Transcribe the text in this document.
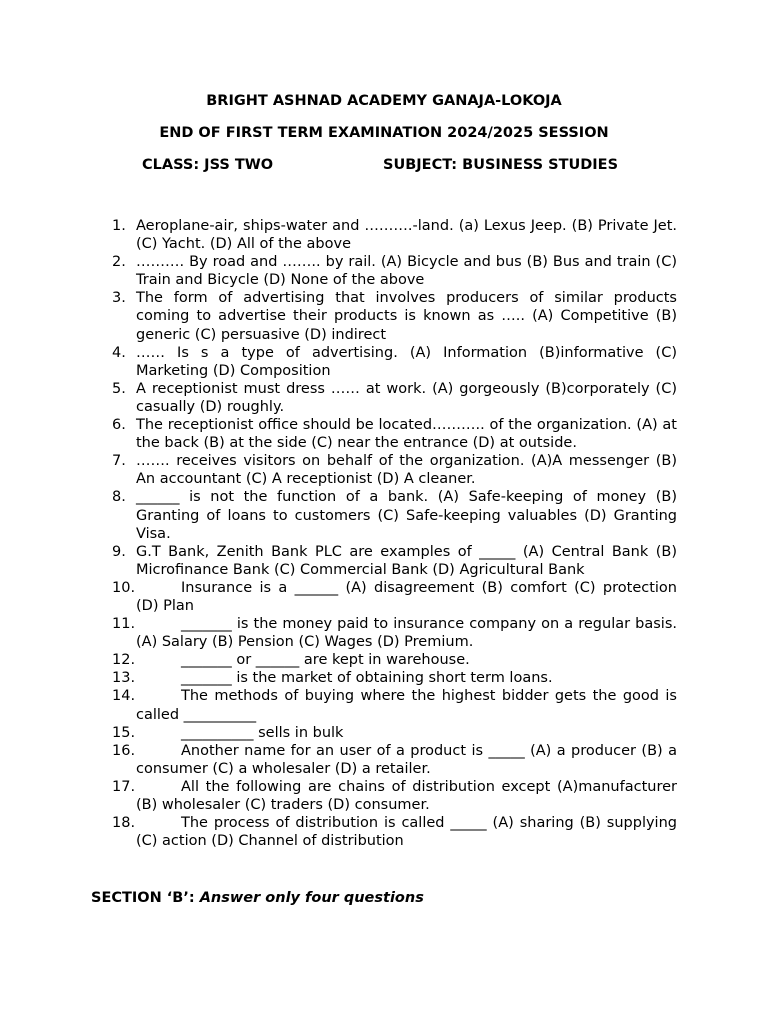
BRIGHT ASHNAD ACADEMY GANAJA-LOKOJA

END OF FIRST TERM EXAMINATION 2024/2025 SESSION

CLASS: JSS TWO	SUBJECT: BUSINESS STUDIES
1. Aeroplane-air, ships-water and ……….-land. (a) Lexus Jeep. (B) Private Jet. (C) Yacht. (D) All of the above
2. ………. By road and …….. by rail. (A) Bicycle and bus (B) Bus and train (C) Train and Bicycle (D) None of the above
3. The form of advertising that involves producers of similar products coming to advertise their products is known as ….. (A) Competitive (B) generic (C) persuasive (D) indirect
4. …… Is s a type of advertising. (A) Information (B)informative (C) Marketing (D) Composition
5. A receptionist must dress …… at work. (A) gorgeously (B)corporately (C) casually (D) roughly.
6. The receptionist office should be located……….. of the organization. (A) at the back (B) at the side (C) near the entrance (D) at outside.
7. ……. receives visitors on behalf of the organization. (A)A messenger (B) An accountant (C) A receptionist (D) A cleaner.
8. ______ is not the function of a bank. (A) Safe-keeping of money (B) Granting of loans to customers (C) Safe-keeping valuables (D) Granting Visa.
9. G.T Bank, Zenith Bank PLC are examples of _____ (A) Central Bank (B) Microfinance Bank (C) Commercial Bank (D) Agricultural Bank
10.	Insurance is a ______ (A) disagreement (B) comfort (C) protection (D) Plan
11.	_______ is the money paid to insurance company on a regular basis. (A) Salary (B) Pension (C) Wages (D) Premium.
12.	_______ or ______ are kept in warehouse.
13.	_______ is the market of obtaining short term loans.
14.	The methods of buying where the highest bidder gets the good is called __________
15.	__________ sells in bulk
16.	Another name for an user of a product is _____ (A) a producer (B) a consumer (C) a wholesaler (D) a retailer.
17.	All the following are chains of distribution except (A)manufacturer (B) wholesaler (C) traders (D) consumer.
18.	The process of distribution is called _____ (A) sharing (B) supplying (C) action (D) Channel of distribution
SECTION ‘B’: Answer only four questions
